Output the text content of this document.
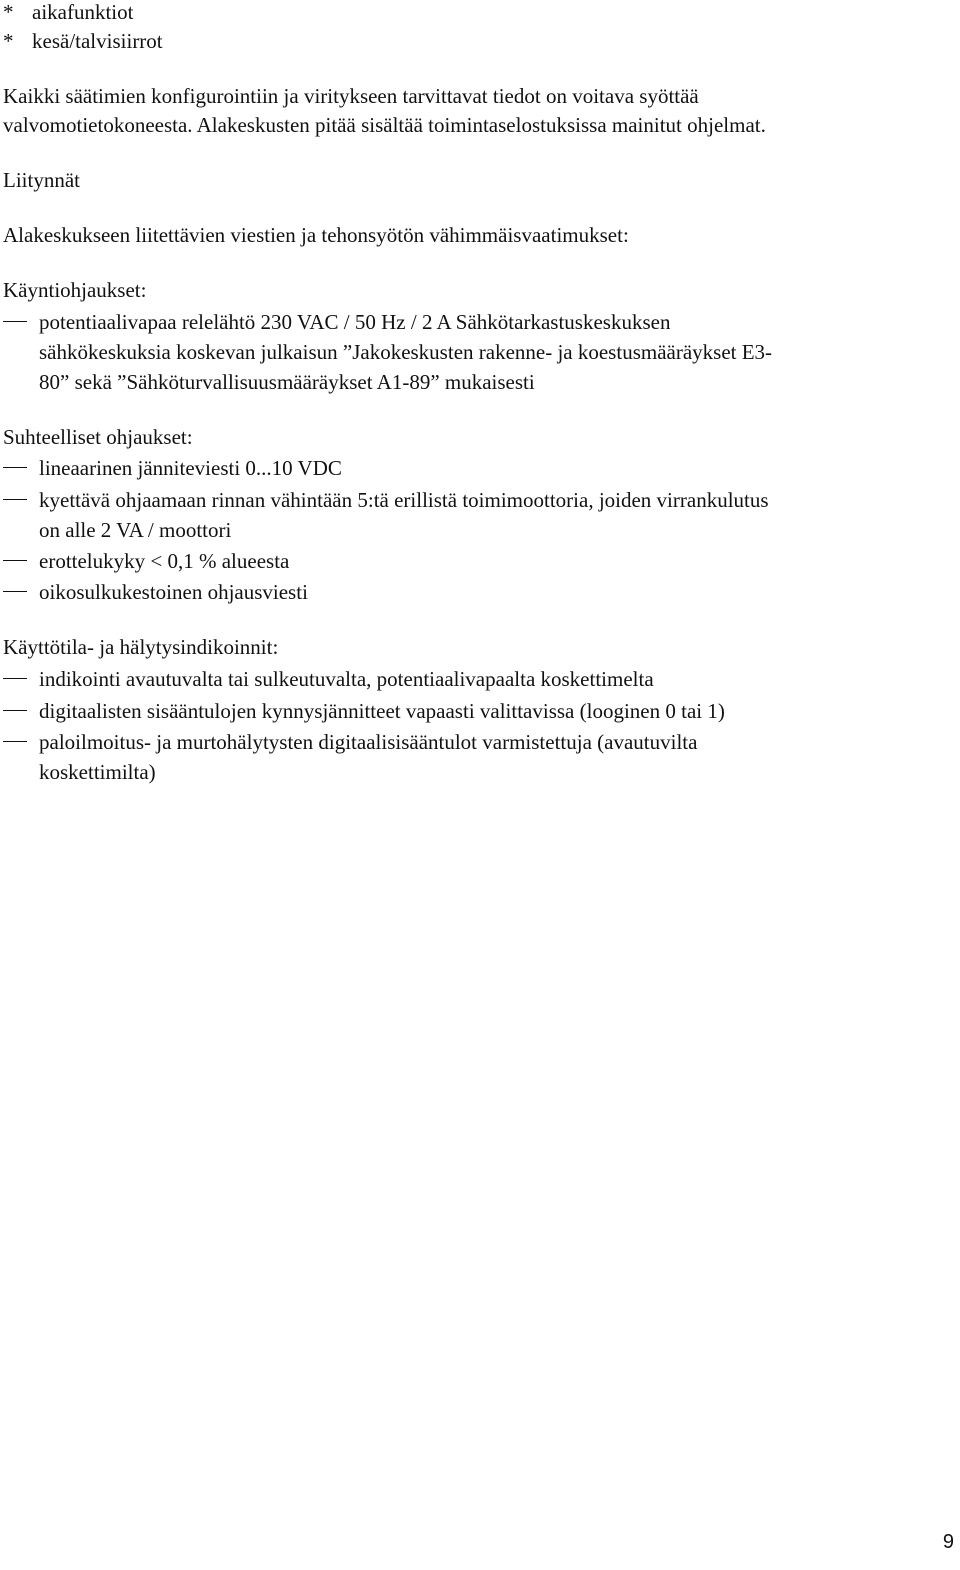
* aikafunktiot
* kesä/talvisiirrot
Kaikki säätimien konfigurointiin ja viritykseen tarvittavat tiedot on voitava syöttää
valvomotietokoneesta. Alakeskusten pitää sisältää toimintaselostuksissa mainitut ohjelmat.
Liitynnät
Alakeskukseen liitettävien viestien ja tehonsyötön vähimmäisvaatimukset:
Käyntiohjaukset:
potentiaalivapaa relelähtö 230 VAC / 50 Hz / 2 A Sähkötarkastuskeskuksen
sähkökeskuksia koskevan julkaisun ”Jakokeskusten rakenne- ja koestusmääräykset E3-
80” sekä ”Sähköturvallisuusmääräykset A1-89” mukaisesti
Suhteelliset ohjaukset:
lineaarinen jänniteviesti 0...10 VDC
kyettävä ohjaamaan rinnan vähintään 5:tä erillistä toimimoottoria, joiden virrankulutus
on alle 2 VA / moottori
erottelukyky < 0,1 % alueesta
oikosulkukestoinen ohjausviesti
Käyttötila- ja hälytysindikoinnit:
indikointi avautuvalta tai sulkeutuvalta, potentiaalivapaalta koskettimelta
digitaalisten sisääntulojen kynnysjännitteet vapaasti valittavissa (looginen 0 tai 1)
paloilmoitus- ja murtohälytysten digitaalisisääntulot varmistettuja (avautuvilta
koskettimilta)
9
